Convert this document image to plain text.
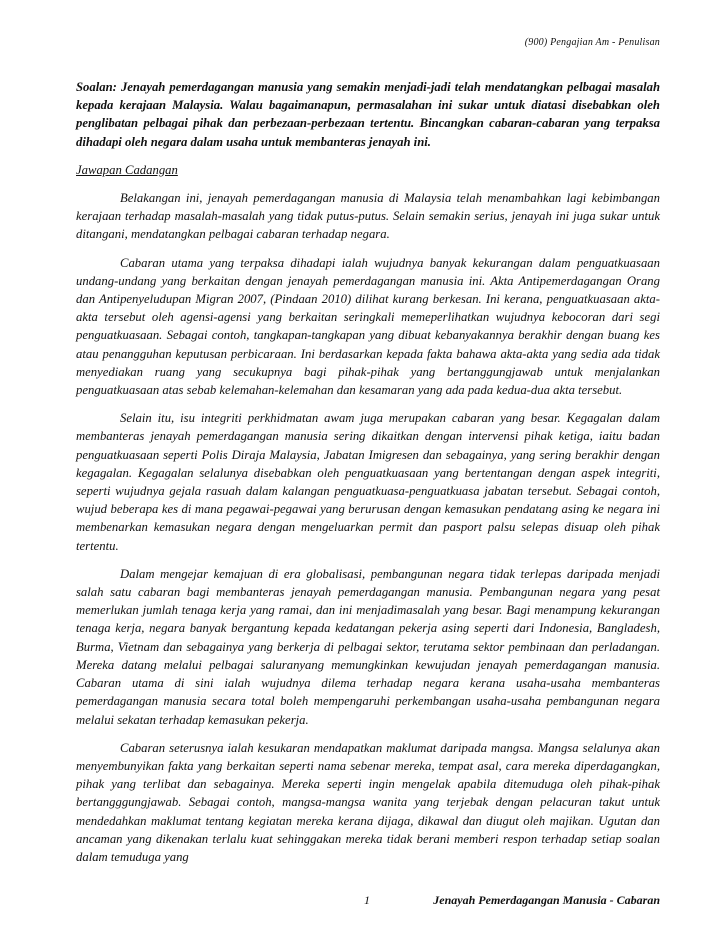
(900) Pengajian Am - Penulisan

Soalan: Jenayah pemerdagangan manusia yang semakin menjadi-jadi telah mendatangkan pelbagai masalah kepada kerajaan Malaysia. Walau bagaimanapun, permasalahan ini sukar untuk diatasi disebabkan oleh penglibatan pelbagai pihak dan perbezaan-perbezaan tertentu. Bincangkan cabaran-cabaran yang terpaksa dihadapi oleh negara dalam usaha untuk membanteras jenayah ini.

Jawapan Cadangan

Belakangan ini, jenayah pemerdagangan manusia di Malaysia telah menambahkan lagi kebimbangan kerajaan terhadap masalah-masalah yang tidak putus-putus. Selain semakin serius, jenayah ini juga sukar untuk ditangani, mendatangkan pelbagai cabaran terhadap negara.

Cabaran utama yang terpaksa dihadapi ialah wujudnya banyak kekurangan dalam penguatkuasaan undang-undang yang berkaitan dengan jenayah pemerdagangan manusia ini. Akta Antipemerdagangan Orang dan Antipenyeludupan Migran 2007, (Pindaan 2010) dilihat kurang berkesan. Ini kerana, penguatkuasaan akta-akta tersebut oleh agensi-agensi yang berkaitan seringkali memeperlihatkan wujudnya kebocoran dari segi penguatkuasaan. Sebagai contoh, tangkapan-tangkapan yang dibuat kebanyakannya berakhir dengan buang kes atau penangguhan keputusan perbicaraan. Ini berdasarkan kepada fakta bahawa akta-akta yang sedia ada tidak menyediakan ruang yang secukupnya bagi pihak-pihak yang bertanggungjawab untuk menjalankan penguatkuasaan atas sebab kelemahan-kelemahan dan kesamaran yang ada pada kedua-dua akta tersebut.

Selain itu, isu integriti perkhidmatan awam juga merupakan cabaran yang besar. Kegagalan dalam membanteras jenayah pemerdagangan manusia sering dikaitkan dengan intervensi pihak ketiga, iaitu badan penguatkuasaan seperti Polis Diraja Malaysia, Jabatan Imigresen dan sebagainya, yang sering berakhir dengan kegagalan. Kegagalan selalunya disebabkan oleh penguatkuasaan yang bertentangan dengan aspek integriti, seperti wujudnya gejala rasuah dalam kalangan penguatkuasa-penguatkuasa jabatan tersebut. Sebagai contoh, wujud beberapa kes di mana pegawai-pegawai yang berurusan dengan kemasukan pendatang asing ke negara ini membenarkan kemasukan negara dengan mengeluarkan permit dan pasport palsu selepas disuap oleh pihak tertentu.

Dalam mengejar kemajuan di era globalisasi, pembangunan negara tidak terlepas daripada menjadi salah satu cabaran bagi membanteras jenayah pemerdagangan manusia. Pembangunan negara yang pesat memerlukan jumlah tenaga kerja yang ramai, dan ini menjadimasalah yang besar. Bagi menampung kekurangan tenaga kerja, negara banyak bergantung kepada kedatangan pekerja asing seperti dari Indonesia, Bangladesh, Burma, Vietnam dan sebagainya yang berkerja di pelbagai sektor, terutama sektor pembinaan dan perladangan. Mereka datang melalui pelbagai saluranyang memungkinkan kewujudan jenayah pemerdagangan manusia. Cabaran utama di sini ialah wujudnya dilema terhadap negara kerana usaha-usaha membanteras pemerdagangan manusia secara total boleh mempengaruhi perkembangan usaha-usaha pembangunan negara melalui sekatan terhadap kemasukan pekerja.

Cabaran seterusnya ialah kesukaran mendapatkan maklumat daripada mangsa. Mangsa selalunya akan menyembunyikan fakta yang berkaitan seperti nama sebenar mereka, tempat asal, cara mereka diperdagangkan, pihak yang terlibat dan sebagainya. Mereka seperti ingin mengelak apabila ditemuduga oleh pihak-pihak bertangggungjawab. Sebagai contoh, mangsa-mangsa wanita yang terjebak dengan pelacuran takut untuk mendedahkan maklumat tentang kegiatan mereka kerana dijaga, dikawal dan diugut oleh majikan. Ugutan dan ancaman yang dikenakan terlalu kuat sehinggakan mereka tidak berani memberi respon terhadap setiap soalan dalam temuduga yang

1	Jenayah Pemerdagangan Manusia - Cabaran
